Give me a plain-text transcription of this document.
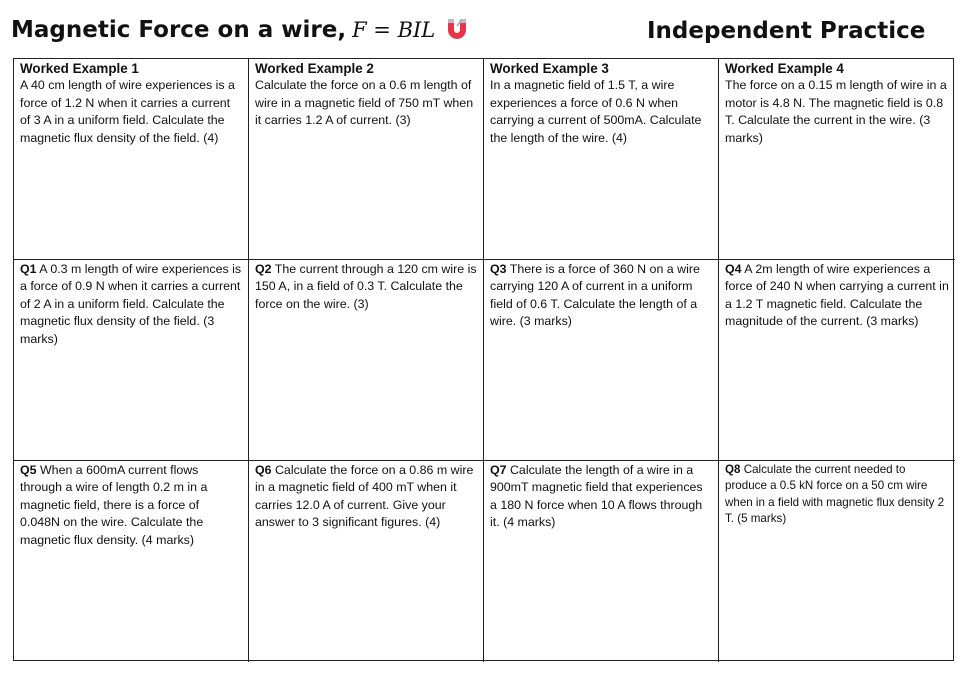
Magnetic Force on a wire, F = BIL	Independent Practice
Worked Example 1
A 40 cm length of wire experiences is a force of 1.2 N when it carries a current of 3 A in a uniform field. Calculate the magnetic flux density of the field. (4)
Worked Example 2
Calculate the force on a 0.6 m length of wire in a magnetic field of 750 mT when it carries 1.2 A of current. (3)
Worked Example 3
In a magnetic field of 1.5 T, a wire experiences a force of 0.6 N when carrying a current of 500mA. Calculate the length of the wire. (4)
Worked Example 4
The force on a 0.15 m length of wire in a motor is 4.8 N. The magnetic field is 0.8 T. Calculate the current in the wire. (3 marks)
Q1 A 0.3 m length of wire experiences is a force of 0.9 N when it carries a current of 2 A in a uniform field. Calculate the magnetic flux density of the field. (3 marks)
Q2 The current through a 120 cm wire is 150 A, in a field of 0.3 T. Calculate the force on the wire. (3)
Q3 There is a force of 360 N on a wire carrying 120 A of current in a uniform field of 0.6 T. Calculate the length of a wire. (3 marks)
Q4 A 2m length of wire experiences a force of 240 N when carrying a current in a 1.2 T magnetic field. Calculate the magnitude of the current. (3 marks)
Q5 When a 600mA current flows through a wire of length 0.2 m in a magnetic field, there is a force of 0.048N on the wire. Calculate the magnetic flux density. (4 marks)
Q6 Calculate the force on a 0.86 m wire in a magnetic field of 400 mT when it carries 12.0 A of current. Give your answer to 3 significant figures. (4)
Q7 Calculate the length of a wire in a 900mT magnetic field that experiences a 180 N force when 10 A flows through it. (4 marks)
Q8 Calculate the current needed to produce a 0.5 kN force on a 50 cm wire when in a field with magnetic flux density 2 T. (5 marks)
